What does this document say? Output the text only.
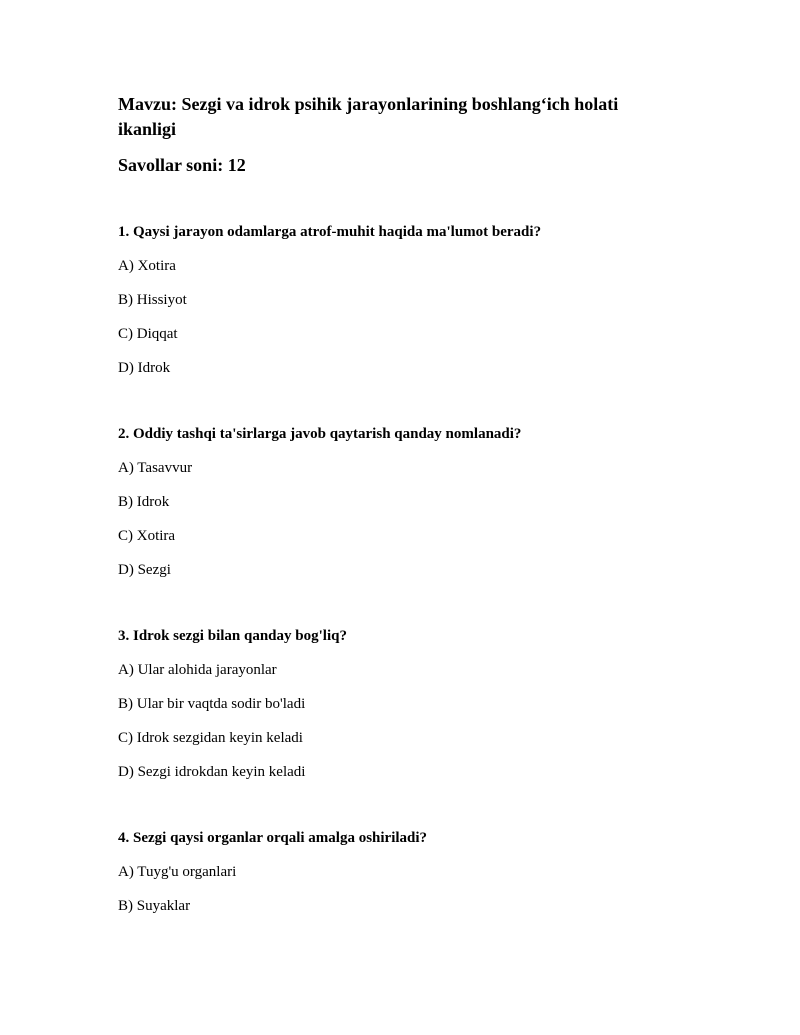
Mavzu: Sezgi va idrok psihik jarayonlarining boshlang‘ich holati ikanligi

Savollar soni: 12

1. Qaysi jarayon odamlarga atrof-muhit haqida ma'lumot beradi?

A) Xotira

B) Hissiyot

C) Diqqat

D) Idrok

2. Oddiy tashqi ta'sirlarga javob qaytarish qanday nomlanadi?

A) Tasavvur

B) Idrok

C) Xotira

D) Sezgi

3. Idrok sezgi bilan qanday bog'liq?

A) Ular alohida jarayonlar

B) Ular bir vaqtda sodir bo'ladi

C) Idrok sezgidan keyin keladi

D) Sezgi idrokdan keyin keladi

4. Sezgi qaysi organlar orqali amalga oshiriladi?

A) Tuyg'u organlari

B) Suyaklar
